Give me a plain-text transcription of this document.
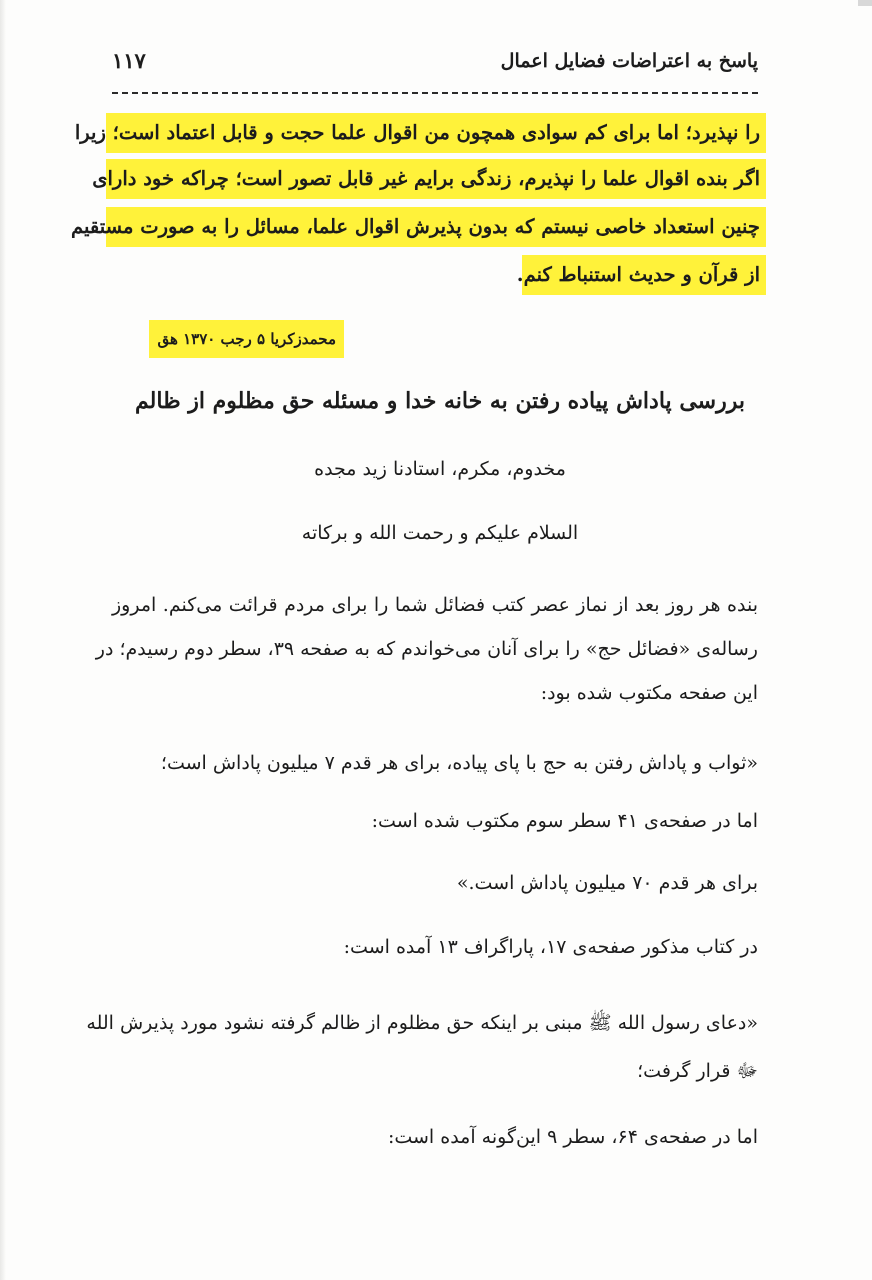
پاسخ به اعتراضات فضایل اعمال
۱۱۷
را نپذیرد؛ اما برای کم سوادی همچون من اقوال علما حجت و قابل اعتماد است؛ زیرا
اگر بنده اقوال علما را نپذیرم، زندگی برایم غیر قابل تصور است؛ چراکه خود دارای
چنین استعداد خاصی نیستم که بدون پذیرش اقوال علما، مسائل را به صورت مستقیم
از قرآن و حدیث استنباط کنم.
محمدزکریا ۵ رجب ۱۳۷۰ هق
بررسی پاداش پیاده رفتن به خانه خدا و مسئله حق مظلوم از ظالم
مخدوم، مکرم، استادنا زید مجده
السلام علیکم و رحمت الله و برکاته
بنده هر روز بعد از نماز عصر کتب فضائل شما را برای مردم قرائت می‌کنم. امروز
رساله‌ی «فضائل حج» را برای آنان می‌خواندم که به صفحه ۳۹، سطر دوم رسیدم؛ در
این صفحه مکتوب شده بود:
«ثواب و پاداش رفتن به حج با پای پیاده، برای هر قدم ۷ میلیون پاداش است؛
اما در صفحه‌ی ۴۱ سطر سوم مکتوب شده است:
برای هر قدم ۷۰ میلیون پاداش است.»
در کتاب مذکور صفحه‌ی ۱۷، پاراگراف ۱۳ آمده است:
«دعای رسول الله ﷺ مبنی بر اینکه حق مظلوم از ظالم گرفته نشود مورد پذیرش الله
ﷻ قرار گرفت؛
اما در صفحه‌ی ۶۴، سطر ۹ این‌گونه آمده است:
